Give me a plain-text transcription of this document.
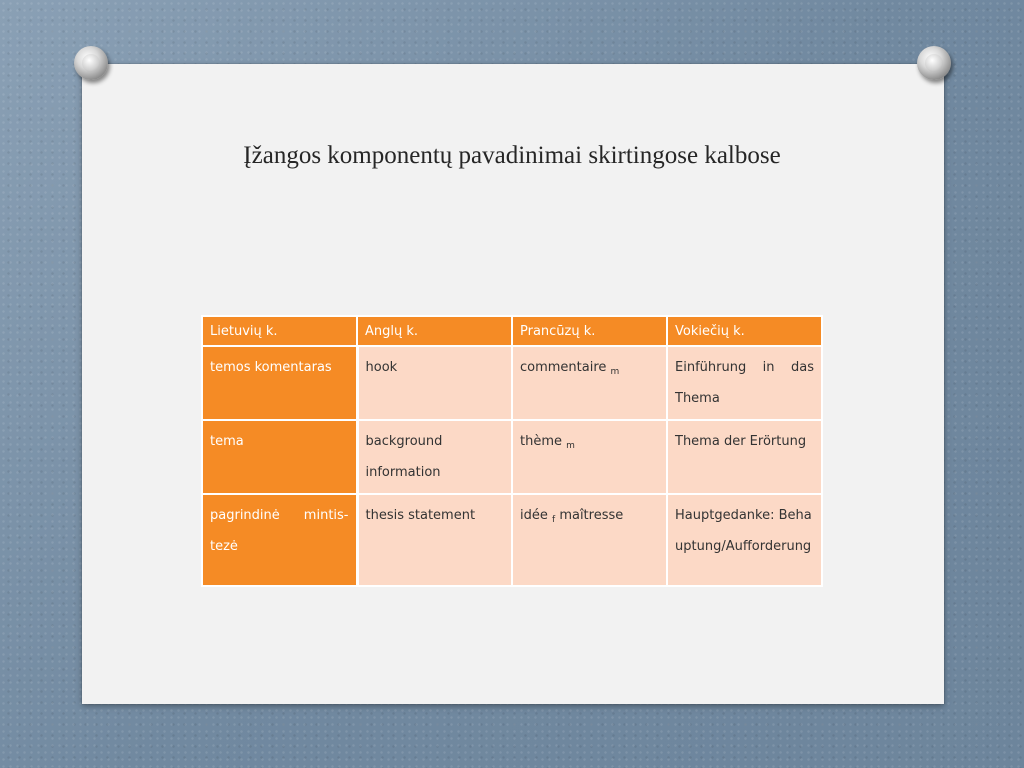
Įžangos komponentų pavadinimai skirtingose kalbose
Lietuvių k.	Anglų k.	Prancūzų k.	Vokiečių k.
temos komentaras	hook	commentaire $_m$	Einführung in das Thema
tema	background information	thème $_m$	Thema der Erörtung
pagrindinė mintis-tezė	thesis statement	idée $_f$ maîtresse	Hauptgedanke: Behauptung/Aufforderung
